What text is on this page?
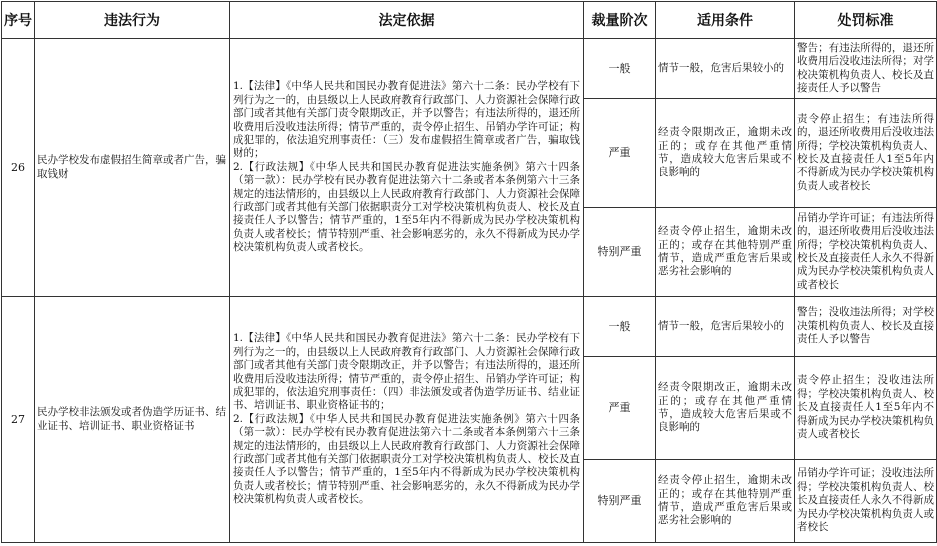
序号	违法行为	法定依据	裁量阶次	适用条件	处罚标准
26	民办学校发布虚假招生简章或者广告，骗取钱财	1.【法律】《中华人民共和国民办教育促进法》第六十二条：民办学校有下列行为之一的，由县级以上人民政府教育行政部门、人力资源社会保障行政部门或者其他有关部门责令限期改正，并予以警告；有违法所得的，退还所收费用后没收违法所得；情节严重的，责令停止招生、吊销办学许可证；构成犯罪的，依法追究刑事责任：（三）发布虚假招生简章或者广告，骗取钱财的；
2.【行政法规】《中华人民共和国民办教育促进法实施条例》第六十四条（第一款）：民办学校有民办教育促进法第六十二条或者本条例第六十三条规定的违法情形的，由县级以上人民政府教育行政部门、人力资源社会保障行政部门或者其他有关部门依据职责分工对学校决策机构负责人、校长及直接责任人予以警告；情节严重的，1至5年内不得新成为民办学校决策机构负责人或者校长；情节特别严重、社会影响恶劣的，永久不得新成为民办学校决策机构负责人或者校长。	一般	情节一般，危害后果较小的	警告；有违法所得的，退还所收费用后没收违法所得；对学校决策机构负责人、校长及直接责任人予以警告
			严重	经责令限期改正，逾期未改正的；或存在其他严重情节，造成较大危害后果或不良影响的	责令停止招生；有违法所得的，退还所收费用后没收违法所得；学校决策机构负责人、校长及直接责任人1至5年内不得新成为民办学校决策机构负责人或者校长
			特别严重	经责令停止招生，逾期未改正的；或存在其他特别严重情节，造成严重危害后果或恶劣社会影响的	吊销办学许可证；有违法所得的，退还所收费用后没收违法所得；学校决策机构负责人、校长及直接责任人永久不得新成为民办学校决策机构负责人或者校长
27	民办学校非法颁发或者伪造学历证书、结业证书、培训证书、职业资格证书	1.【法律】《中华人民共和国民办教育促进法》第六十二条：民办学校有下列行为之一的，由县级以上人民政府教育行政部门、人力资源社会保障行政部门或者其他有关部门责令限期改正，并予以警告；有违法所得的，退还所收费用后没收违法所得；情节严重的，责令停止招生、吊销办学许可证；构成犯罪的，依法追究刑事责任：（四）非法颁发或者伪造学历证书、结业证书、培训证书、职业资格证书的；
2.【行政法规】《中华人民共和国民办教育促进法实施条例》第六十四条（第一款）：民办学校有民办教育促进法第六十二条或者本条例第六十三条规定的违法情形的，由县级以上人民政府教育行政部门、人力资源社会保障行政部门或者其他有关部门依据职责分工对学校决策机构负责人、校长及直接责任人予以警告；情节严重的，1至5年内不得新成为民办学校决策机构负责人或者校长；情节特别严重、社会影响恶劣的，永久不得新成为民办学校决策机构负责人或者校长。	一般	情节一般，危害后果较小的	警告；没收违法所得；对学校决策机构负责人、校长及直接责任人予以警告
			严重	经责令限期改正，逾期未改正的；或存在其他严重情节，造成较大危害后果或不良影响的	责令停止招生；没收违法所得；学校决策机构负责人、校长及直接责任人1至5年内不得新成为民办学校决策机构负责人或者校长
			特别严重	经责令停止招生，逾期未改正的；或存在其他特别严重情节，造成严重危害后果或恶劣社会影响的	吊销办学许可证；没收违法所得；学校决策机构负责人、校长及直接责任人永久不得新成为民办学校决策机构负责人或者校长
